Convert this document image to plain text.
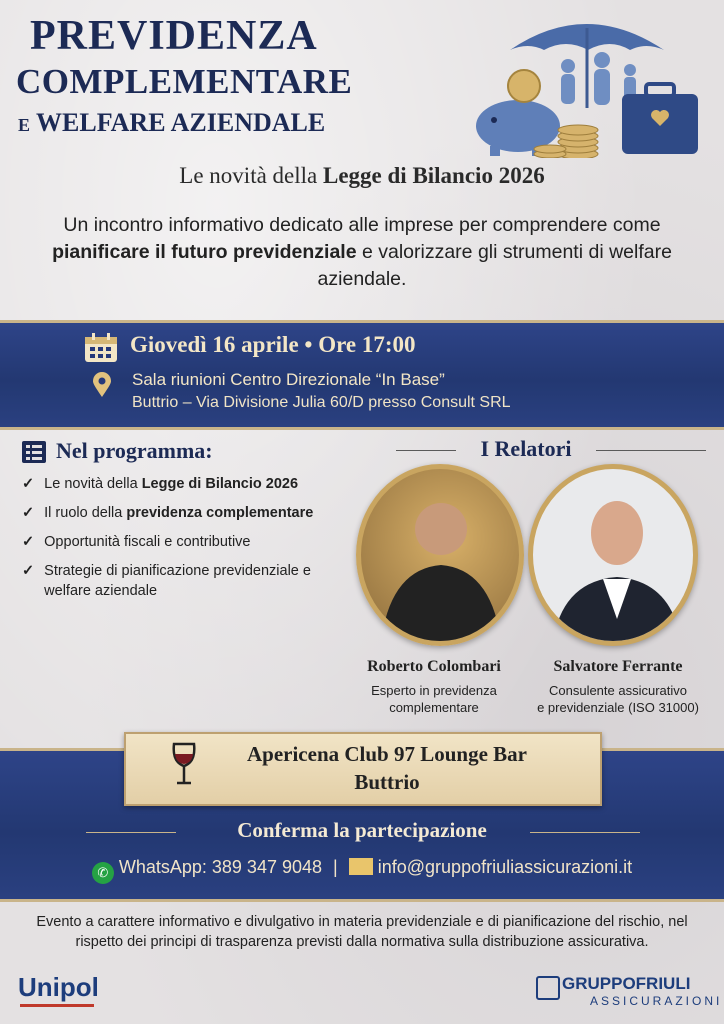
PREVIDENZA
COMPLEMENTARE
E WELFARE AZIENDALE
Le novità della Legge di Bilancio 2026
Un incontro informativo dedicato alle imprese per comprendere come pianificare il futuro previdenziale e valorizzare gli strumenti di welfare aziendale.
Giovedì 16 aprile • Ore 17:00
Sala riunioni Centro Direzionale “In Base”
Buttrio – Via Divisione Julia 60/D presso Consult SRL
Nel programma:
✓ Le novità della Legge di Bilancio 2026
✓ Il ruolo della previdenza complementare
✓ Opportunità fiscali e contributive
✓ Strategie di pianificazione previdenziale e welfare aziendale
I Relatori
Roberto Colombari
Esperto in previdenza
complementare
Salvatore Ferrante
Consulente assicurativo
e previdenziale (ISO 31000)
Apericena Club 97 Lounge Bar
Buttrio
Conferma la partecipazione
✆ WhatsApp: 389 347 9048 | info@gruppofriuliassicurazioni.it
Evento a carattere informativo e divulgativo in materia previdenziale e di pianificazione del rischio, nel rispetto dei principi di trasparenza previsti dalla normativa sulla distribuzione assicurativa.
Unipol	GRUPPOFRIULI
ASSICURAZIONI
